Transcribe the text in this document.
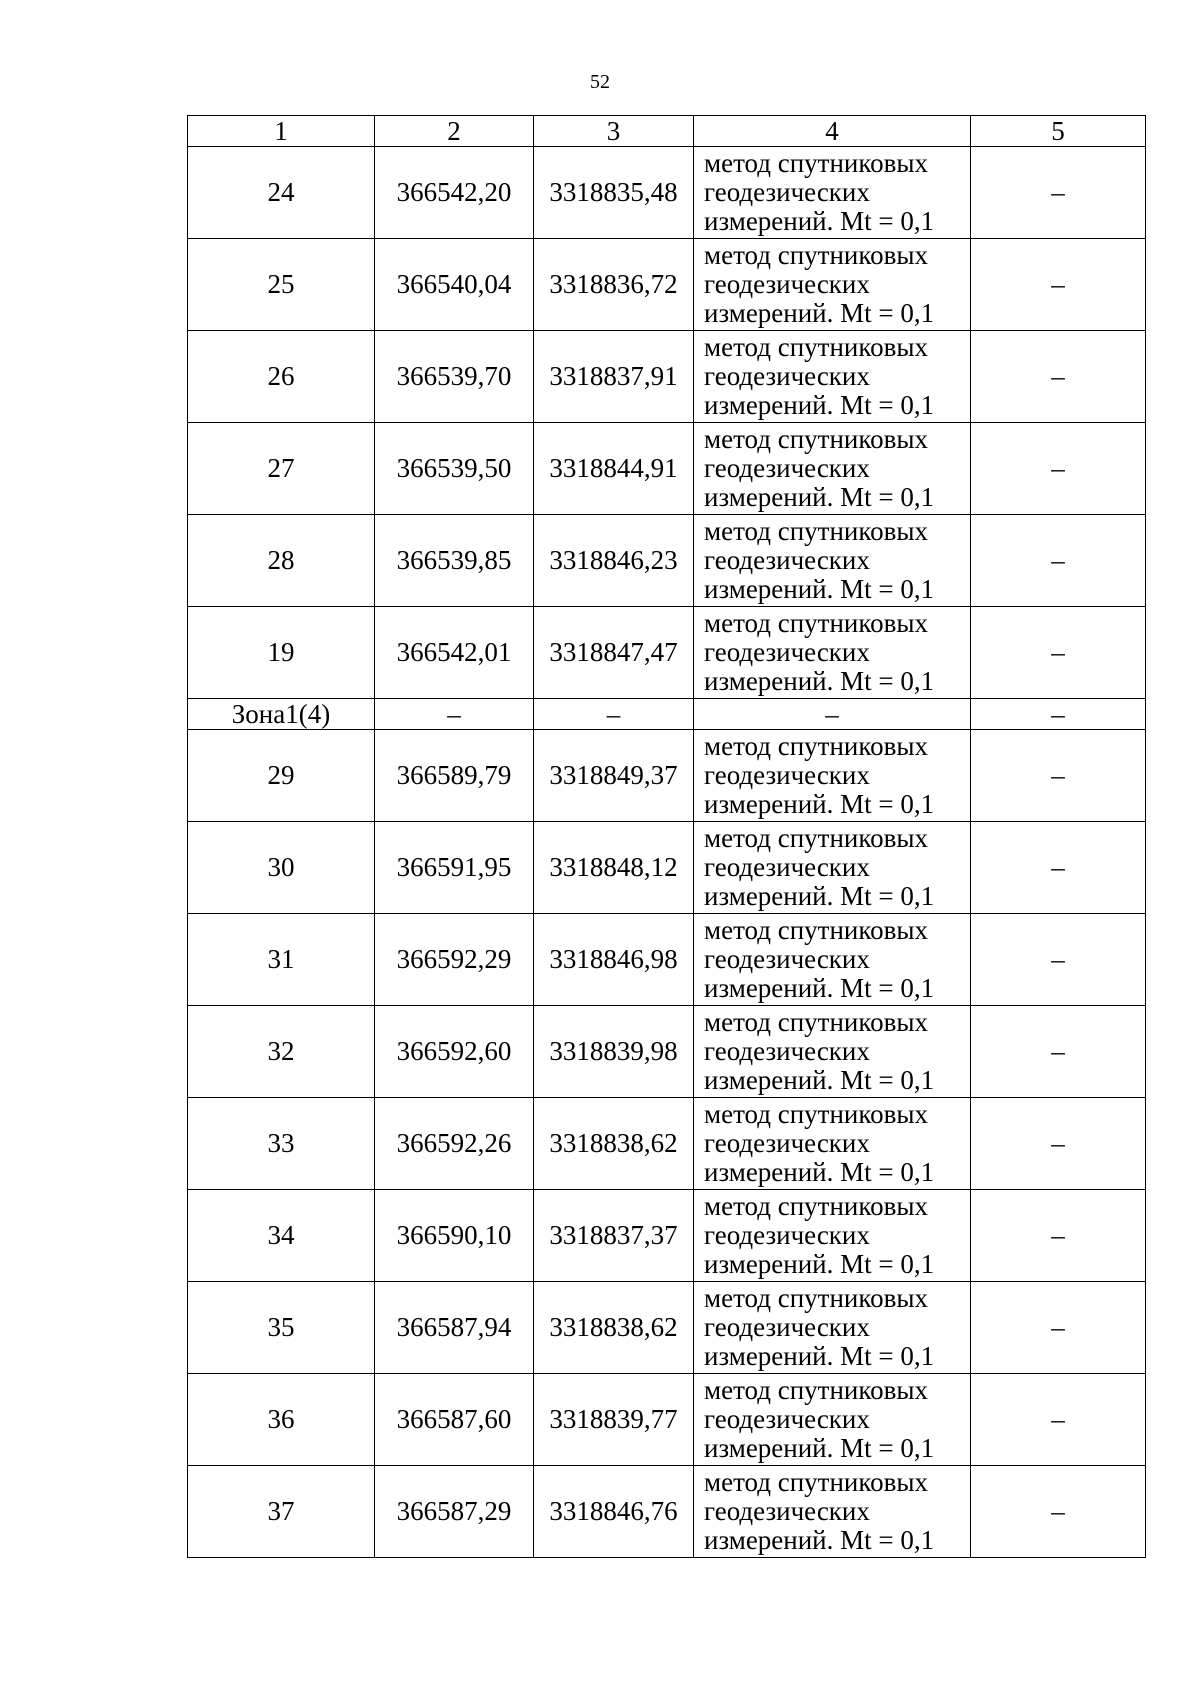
52
1	2	3	4	5
24	366542,20	3318835,48	метод спутниковых
геодезических
измерений. Mt = 0,1	–
25	366540,04	3318836,72	метод спутниковых
геодезических
измерений. Mt = 0,1	–
26	366539,70	3318837,91	метод спутниковых
геодезических
измерений. Mt = 0,1	–
27	366539,50	3318844,91	метод спутниковых
геодезических
измерений. Mt = 0,1	–
28	366539,85	3318846,23	метод спутниковых
геодезических
измерений. Mt = 0,1	–
19	366542,01	3318847,47	метод спутниковых
геодезических
измерений. Mt = 0,1	–
Зона1(4)	–	–	–	–
29	366589,79	3318849,37	метод спутниковых
геодезических
измерений. Mt = 0,1	–
30	366591,95	3318848,12	метод спутниковых
геодезических
измерений. Mt = 0,1	–
31	366592,29	3318846,98	метод спутниковых
геодезических
измерений. Mt = 0,1	–
32	366592,60	3318839,98	метод спутниковых
геодезических
измерений. Mt = 0,1	–
33	366592,26	3318838,62	метод спутниковых
геодезических
измерений. Mt = 0,1	–
34	366590,10	3318837,37	метод спутниковых
геодезических
измерений. Mt = 0,1	–
35	366587,94	3318838,62	метод спутниковых
геодезических
измерений. Mt = 0,1	–
36	366587,60	3318839,77	метод спутниковых
геодезических
измерений. Mt = 0,1	–
37	366587,29	3318846,76	метод спутниковых
геодезических
измерений. Mt = 0,1	–
